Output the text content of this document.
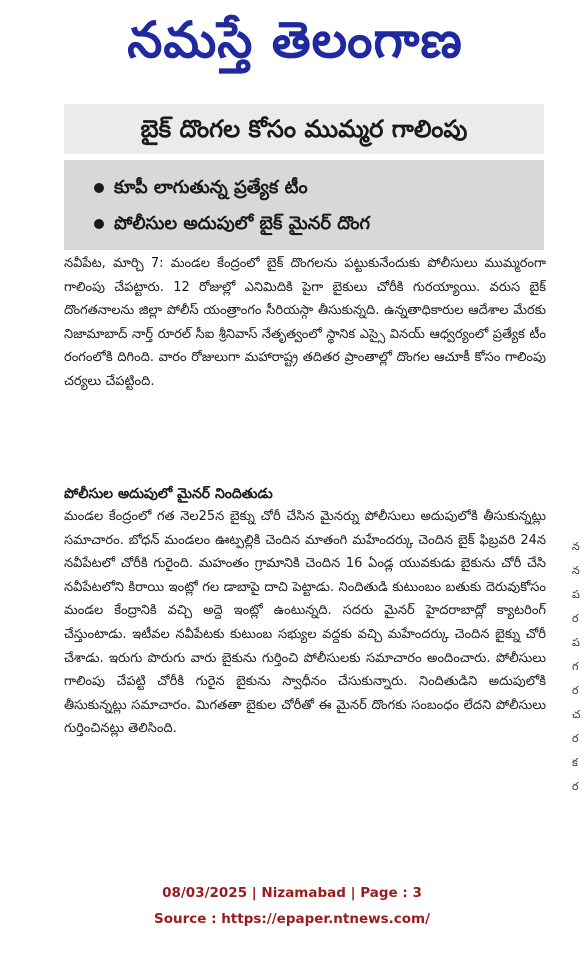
నమస్తే తెలంగాణ
బైక్ దొంగల కోసం ముమ్మర గాలింపు
కూపీ లాగుతున్న ప్రత్యేక టీం
పోలీసుల అదుపులో బైక్ మైనర్ దొంగ

నవీపేట, మార్చి 7: మండల కేంద్రంలో బైక్ దొంగలను పట్టుకునేందుకు పోలీసులు ముమ్మరంగా గాలింపు చేపట్టారు. 12 రోజుల్లో ఎనిమిదికి పైగా బైకులు చోరీకి గురయ్యాయి. వరుస బైక్ దొంగతనాలను జిల్లా పోలీస్ యంత్రాంగం సీరియస్గా తీసుకున్నది. ఉన్నతాధికారుల ఆదేశాల మేరకు నిజామాబాద్ నార్త్ రూరల్ సీఐ శ్రీనివాస్ నేతృత్వంలో స్థానిక ఎస్సై వినయ్ ఆధ్వర్యంలో ప్రత్యేక టీం రంగంలోకి దిగింది. వారం రోజులుగా మహారాష్ట్ర తదితర ప్రాంతాల్లో దొంగల ఆచూకీ కోసం గాలింపు చర్యలు చేపట్టింది.

పోలీసుల అదుపులో మైనర్ నిందితుడు

మండల కేంద్రంలో గత నెల25న బైక్ను చోరీ చేసిన మైనర్ను పోలీసులు అదుపులోకి తీసుకున్నట్లు సమాచారం. బోధన్ మండలం ఊట్పల్లికి చెందిన మాతంగి మహేందర్కు చెందిన బైక్ ఫిబ్రవరి 24న నవీపేటలో చోరీకి గురైంది. మహంతం గ్రామానికి చెందిన 16 ఏండ్ల యువకుడు బైకును చోరీ చేసి నవీపేటలోని కిరాయి ఇంట్లో గల డాబాపై దాచి పెట్టాడు. నిందితుడి కుటుంబం బతుకు దెరువుకోసం మండల కేంద్రానికి వచ్చి అద్దె ఇంట్లో ఉంటున్నది. సదరు మైనర్ హైదరాబాద్లో క్యాటరింగ్ చేస్తుంటాడు. ఇటీవల నవీపేటకు కుటుంబ సభ్యుల వద్దకు వచ్చి మహేందర్కు చెందిన బైక్ను చోరీ చేశాడు. ఇరుగు పొరుగు వారు బైకును గుర్తించి పోలీసులకు సమాచారం అందించారు. పోలీసులు గాలింపు చేపట్టి చోరీకి గురైన బైకును స్వాధీనం చేసుకున్నారు. నిందితుడిని అదుపులోకి తీసుకున్నట్లు సమాచారం. మిగతతా బైకుల చోరీతో ఈ మైనర్ దొంగకు సంబంధం లేదని పోలీసులు గుర్తించినట్లు తెలిసింది.

08/03/2025 | Nizamabad | Page : 3
Source : https://epaper.ntnews.com/
న
న
ప
ర
ప
గ
ర
చ
ర
క
ర
